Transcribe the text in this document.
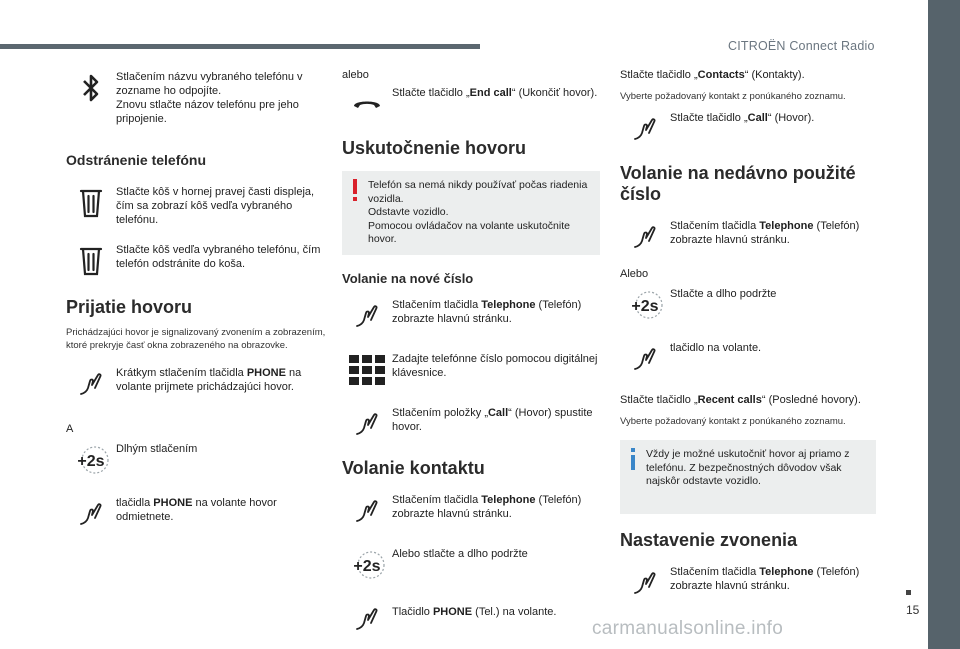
CITROËN Connect Radio
15
carmanualsonline.info
Stlačením názvu vybraného telefónu v zozname ho odpojíte.
Znovu stlačte názov telefónu pre jeho pripojenie.
Odstránenie telefónu
Stlačte kôš v hornej pravej časti displeja, čím sa zobrazí kôš vedľa vybraného telefónu.
Stlačte kôš vedľa vybraného telefónu, čím telefón odstránite do koša.
Prijatie hovoru
Prichádzajúci hovor je signalizovaný zvonením a zobrazením, ktoré prekryje časť okna zobrazeného na obrazovke.
Krátkym stlačením tlačidla PHONE na volante prijmete prichádzajúci hovor.
A
+2s
Dlhým stlačením
tlačidla PHONE na volante hovor odmietnete.
alebo
Stlačte tlačidlo „End call“ (Ukončiť hovor).
Uskutočnenie hovoru
Telefón sa nemá nikdy používať počas riadenia vozidla.
Odstavte vozidlo.
Pomocou ovládačov na volante uskutočnite hovor.
Volanie na nové číslo
Stlačením tlačidla Telephone (Telefón) zobrazte hlavnú stránku.
Zadajte telefónne číslo pomocou digitálnej klávesnice.
Stlačením položky „Call“ (Hovor) spustite hovor.
Volanie kontaktu
Stlačením tlačidla Telephone (Telefón) zobrazte hlavnú stránku.
+2s
Alebo stlačte a dlho podržte
Tlačidlo PHONE (Tel.) na volante.
Stlačte tlačidlo „Contacts“ (Kontakty).
Vyberte požadovaný kontakt z ponúkaného zoznamu.
Stlačte tlačidlo „Call“ (Hovor).
Volanie na nedávno použité číslo
Stlačením tlačidla Telephone (Telefón) zobrazte hlavnú stránku.
Alebo
+2s
Stlačte a dlho podržte
tlačidlo na volante.
Stlačte tlačidlo „Recent calls“ (Posledné hovory).
Vyberte požadovaný kontakt z ponúkaného zoznamu.
Vždy je možné uskutočniť hovor aj priamo z telefónu. Z bezpečnostných dôvodov však najskôr odstavte vozidlo.
Nastavenie zvonenia
Stlačením tlačidla Telephone (Telefón) zobrazte hlavnú stránku.
